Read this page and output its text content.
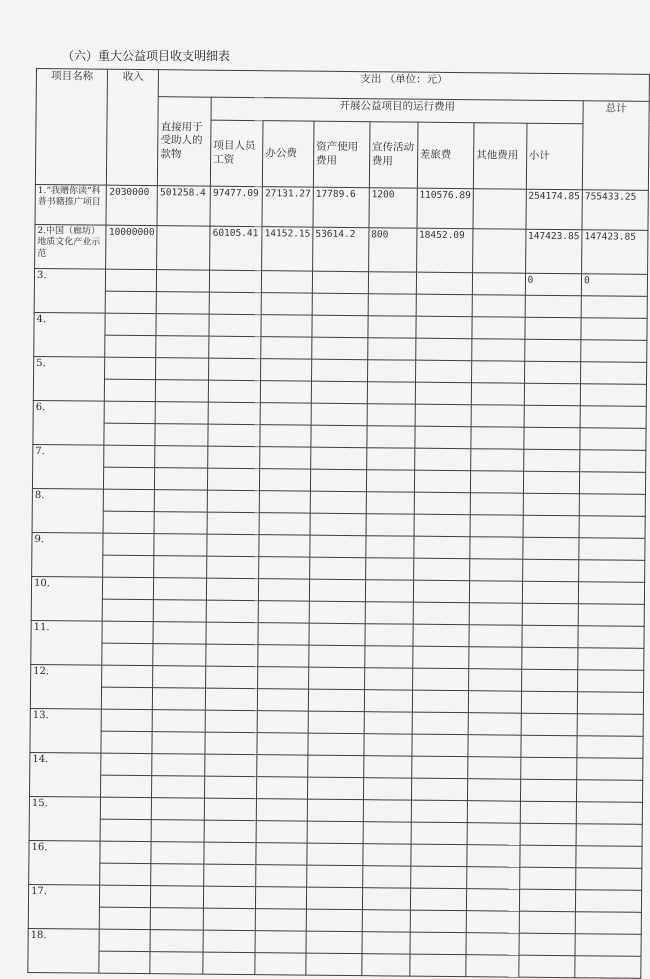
（六）重大公益项目收支明细表
项目名称	收入	支出 （单位：元）								
		直接用于受助人的款物	开展公益项目的运行费用							总计
			项目人员工资	办公费	资产使用费用	宣传活动费用	差旅费	其他费用	小计	
1.“我赠你读”科普书籍推广项目	2030000	501258.4	97477.09	27131.27	17789.6	1200	110576.89		254174.85	755433.25
2.中国（廊坊）地质文化产业示范	10000000		60105.41	14152.15	53614.2	800	18452.09		147423.85	147423.85
3.									0	0

4.										

5.										

6.										

7.										

8.										

9.										

10.										

11.										

12.										

13.										

14.										

15.										

16.										

17.										

18.										
